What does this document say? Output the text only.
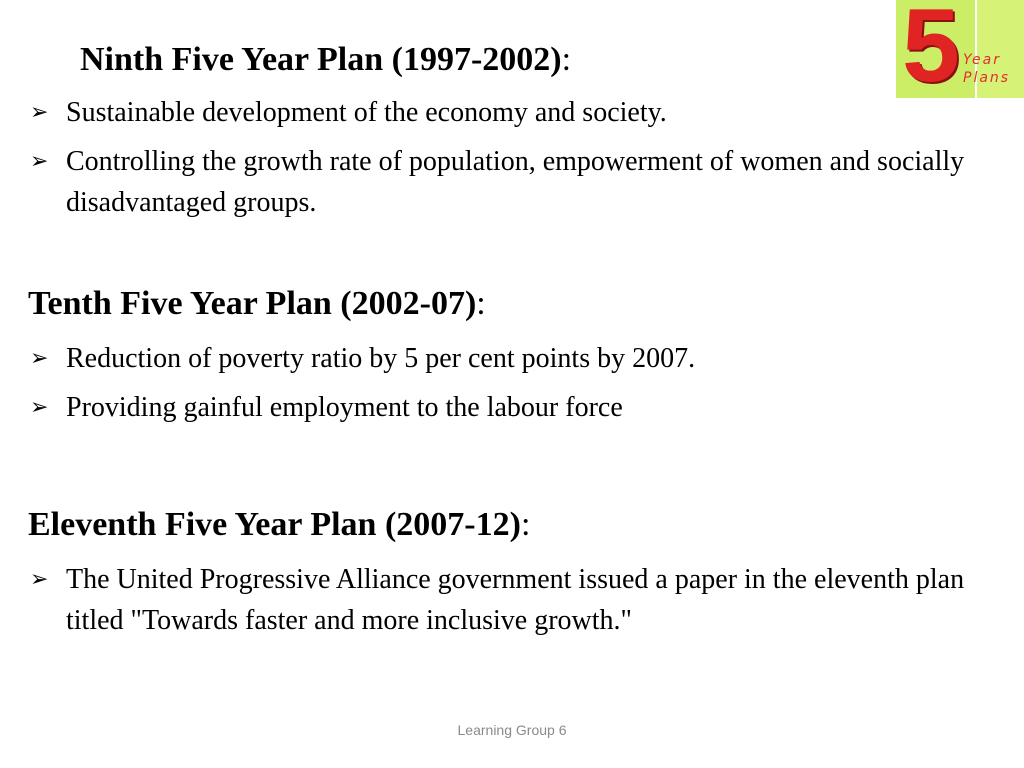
5 Year
Plans
Ninth Five Year Plan (1997-2002):
➢ Sustainable development of the economy and society.
➢ Controlling the growth rate of population, empowerment of women and socially disadvantaged groups.
Tenth Five Year Plan (2002-07):
➢ Reduction of poverty ratio by 5 per cent points by 2007.
➢ Providing gainful employment to the labour force
Eleventh Five Year Plan (2007-12):
➢ The United Progressive Alliance government issued a paper in the eleventh plan titled "Towards faster and more inclusive growth."
Learning Group 6
